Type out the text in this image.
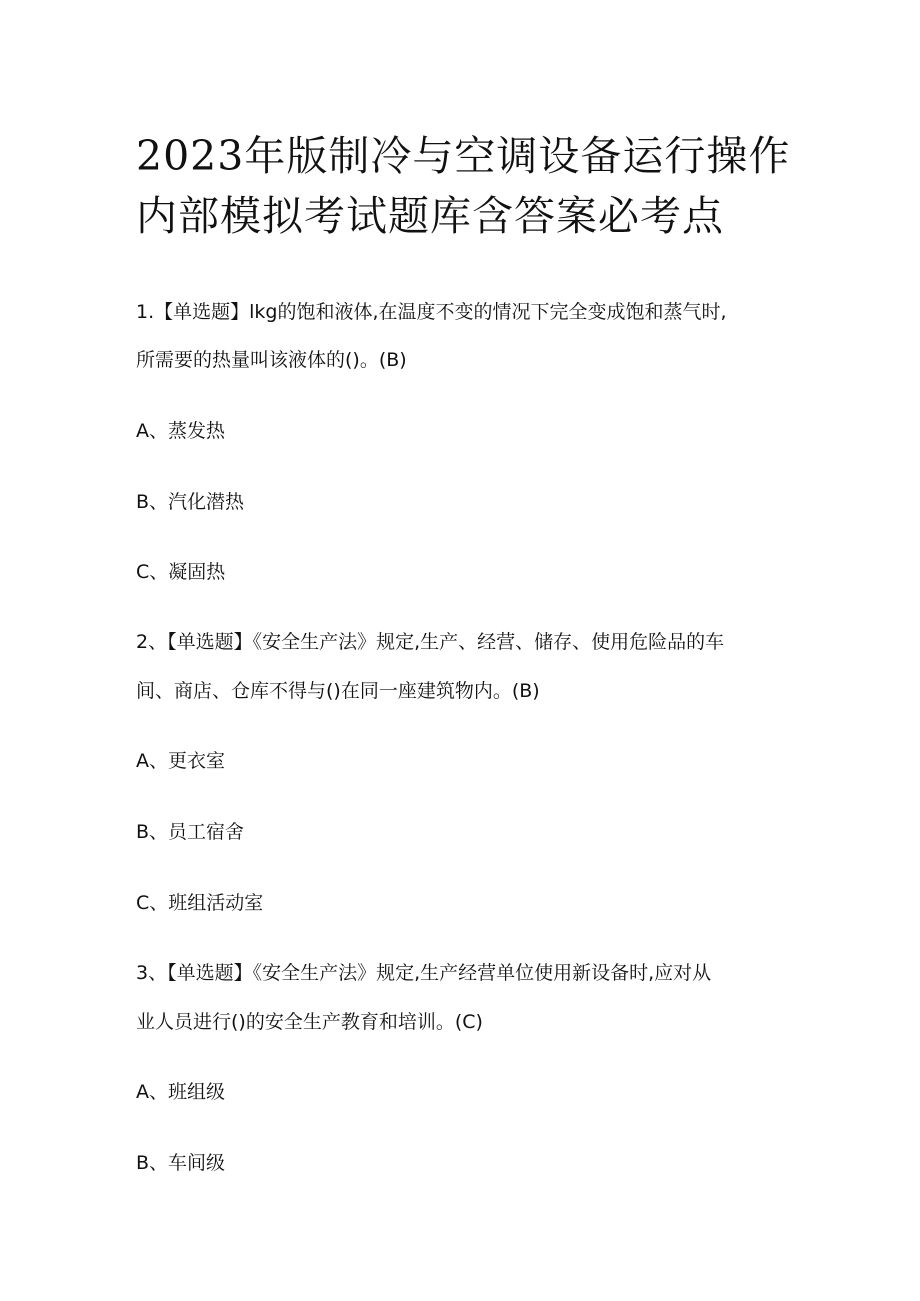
2023年版制冷与空调设备运行操作
内部模拟考试题库含答案必考点
1.【单选题】lkg的饱和液体,在温度不变的情况下完全变成饱和蒸气时,
所需要的热量叫该液体的()。(B)
A、蒸发热
B、汽化潜热
C、凝固热
2、【单选题】《安全生产法》规定,生产、经营、储存、使用危险品的车
间、商店、仓库不得与()在同一座建筑物内。(B)
A、更衣室
B、员工宿舍
C、班组活动室
3、【单选题】《安全生产法》规定,生产经营单位使用新设备时,应对从
业人员进行()的安全生产教育和培训。(C)
A、班组级
B、车间级
